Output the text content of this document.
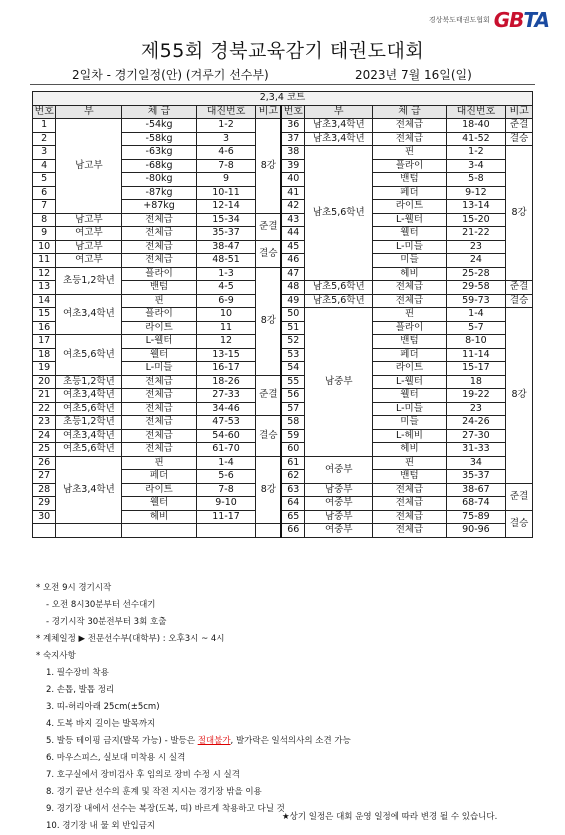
경상북도태권도협회 GBTA
제55회 경북교육감기 태권도대회
2일차 - 경기일정(안) (겨루기 선수부)	2023년 7월 16일(일)
2,3,4 코트									
번호	부	체 급	대진번호	비고	번호	부	체 급	대진번호	비고
1	남고부	-54kg	1-2	8강	36	남초3,4학년	전체급	18-40	준결
2		-58kg	3		37	남초3,4학년	전체급	41-52	결승
3		-63kg	4-6		38	남초5,6학년	핀	1-2	8강
4		-68kg	7-8		39		플라이	3-4	
5		-80kg	9		40		밴텀	5-8	
6		-87kg	10-11		41		페더	9-12	
7		+87kg	12-14		42		라이트	13-14	
8	남고부	전체급	15-34	준결	43		L-웰터	15-20	
9	여고부	전체급	35-37		44		웰터	21-22	
10	남고부	전체급	38-47	결승	45		L-미들	23	
11	여고부	전체급	48-51		46		미들	24	
12	초등1,2학년	플라이	1-3	8강	47		헤비	25-28	
13		밴텀	4-5		48	남초5,6학년	전체급	29-58	준결
14	여초3,4학년	핀	6-9		49	남초5,6학년	전체급	59-73	결승
15		플라이	10		50	남중부	핀	1-4	8강
16		라이트	11		51		플라이	5-7	
17	여초5,6학년	L-웰터	12		52		밴텀	8-10	
18		웰터	13-15		53		페더	11-14	
19		L-미들	16-17		54		라이트	15-17	
20	초등1,2학년	전체급	18-26	준결	55		L-웰터	18	
21	여초3,4학년	전체급	27-33		56		웰터	19-22	
22	여초5,6학년	전체급	34-46		57		L-미들	23	
23	초등1,2학년	전체급	47-53	결승	58		미들	24-26	
24	여초3,4학년	전체급	54-60		59		L-헤비	27-30	
25	여초5,6학년	전체급	61-70		60		헤비	31-33	
26	남초3,4학년	핀	1-4	8강	61	여중부	핀	34	
27		페더	5-6		62		밴텀	35-37	
28		라이트	7-8		63	남중부	전체급	38-67	준결
29		웰터	9-10		64	여중부	전체급	68-74	
30		헤비	11-17		65	남중부	전체급	75-89	결승
					66	여중부	전체급	90-96	

* 오전 9시 경기시작

- 오전 8시30분부터 선수대기

- 경기시작 30분전부터 3회 호출

* 계체일정 ▶ 전문선수부(대학부) : 오후3시 ~ 4시

* 숙지사항

1. 필수장비 착용

2. 손톱, 발톱 정리

3. 띠-허리아래 25cm(±5cm)

4. 도복 바지 길이는 발목까지

5. 발등 테이핑 금지(발목 가능) - 발등은 절대불가, 발가락은 일석의사의 소견 가능

6. 마우스피스, 실보대 미착용 시 실격

7. 호구실에서 장비검사 후 임의로 장비 수정 시 실격

8. 경기 끝난 선수의 훈계 및 작전 지시는 경기장 밖을 이용

9. 경기장 내에서 선수는 복장(도복, 띠) 바르게 착용하고 다닐 것

10. 경기장 내 물 외 반입금지

★상기 일정은 대회 운영 일정에 따라 변경 될 수 있습니다.
